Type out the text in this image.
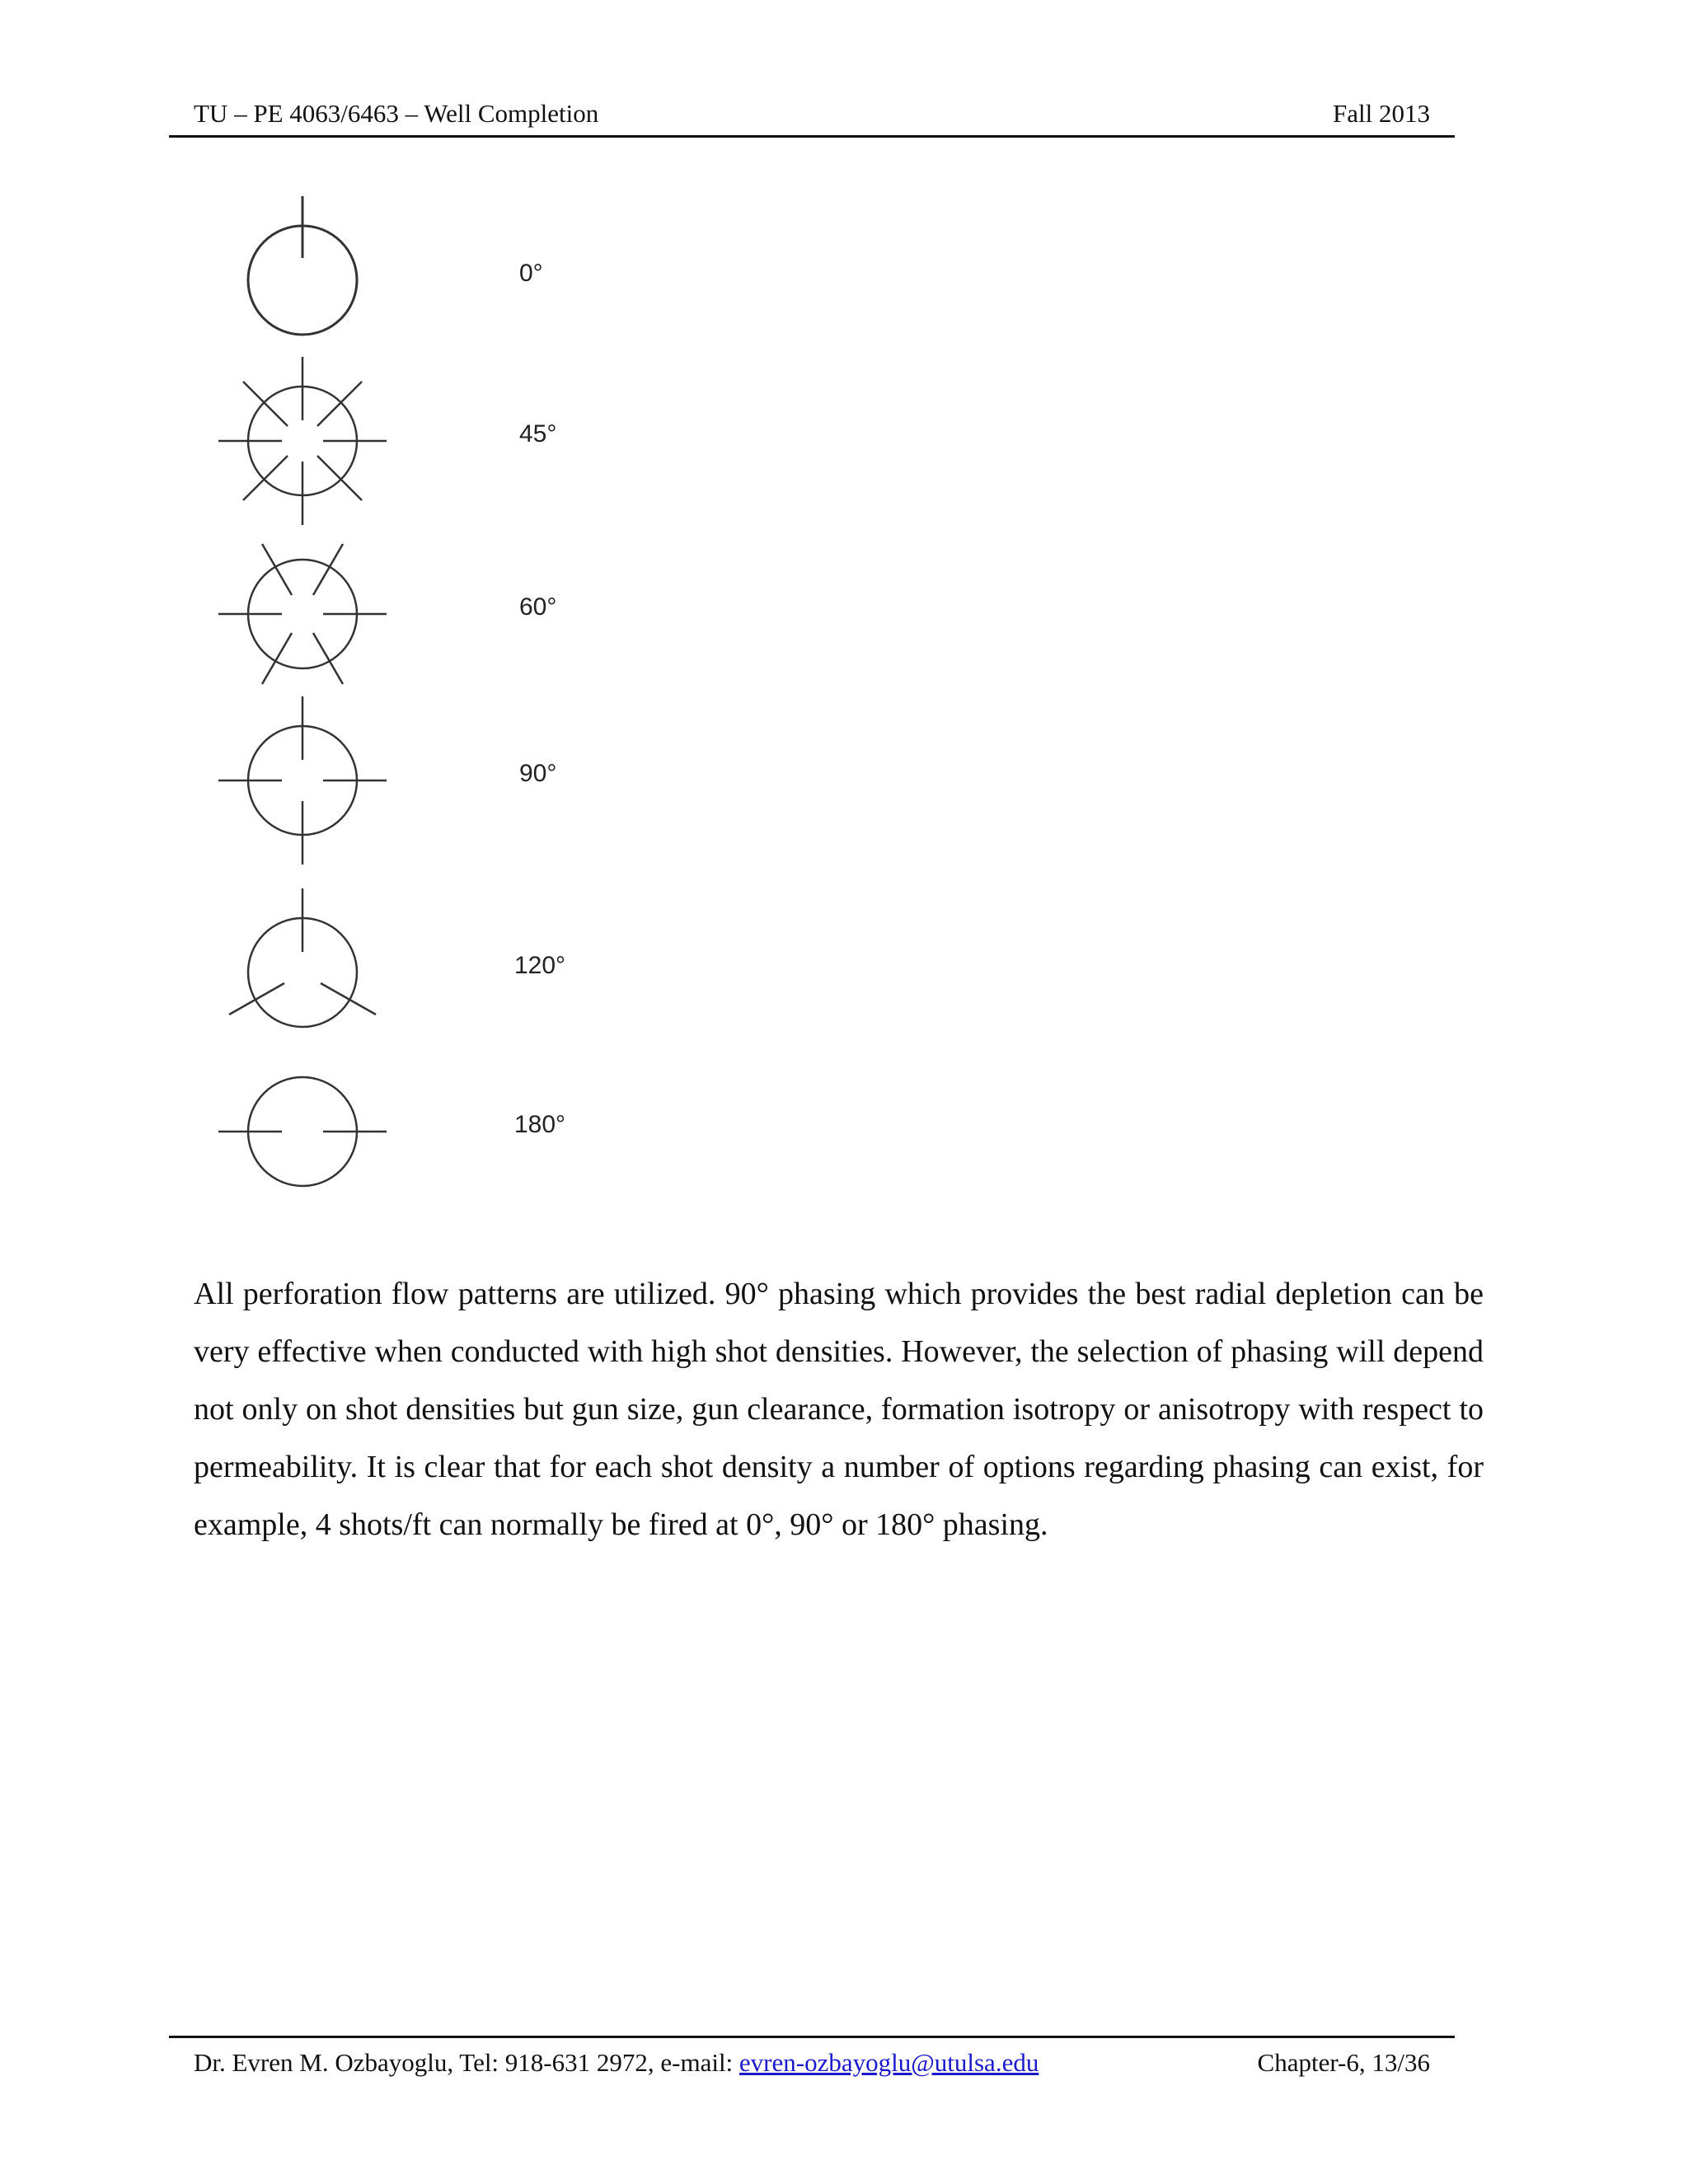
TU – PE 4063/6463 – Well Completion	Fall 2013
0°
45°
60°
90°
120°
180°

All perforation flow patterns are utilized. 90° phasing which provides the best radial depletion can be very effective when conducted with high shot densities. However, the selection of phasing will depend not only on shot densities but gun size, gun clearance, formation isotropy or anisotropy with respect to permeability. It is clear that for each shot density a number of options regarding phasing can exist, for example, 4 shots/ft can normally be fired at 0°, 90° or 180° phasing.

Dr. Evren M. Ozbayoglu, Tel: 918-631 2972, e-mail: evren-ozbayoglu@utulsa.edu	Chapter-6, 13/36
